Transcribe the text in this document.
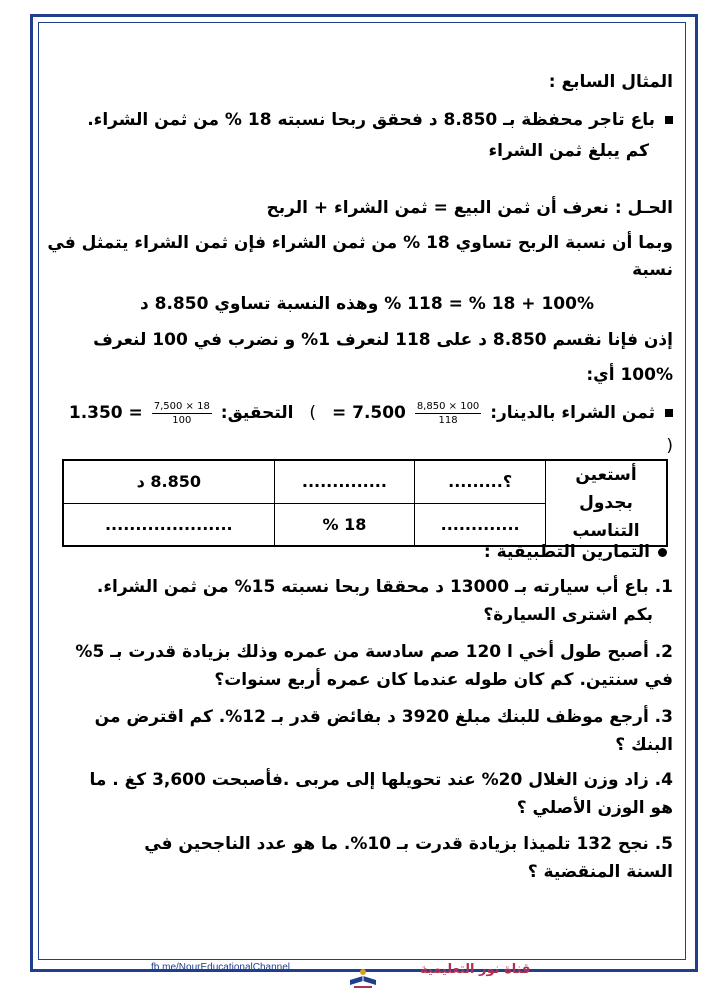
المثال السابع :
باع تاجر محفظة بـ 8.850 د فحقق ربحا نسبته 18 % من ثمن الشراء.
كم يبلغ ثمن الشراء
الحـل : نعرف أن ثمن البيع = ثمن الشراء + الربح
وبما أن نسبة الربح تساوي 18 % من ثمن الشراء فإن ثمن الشراء يتمثل في
نسبة
100% + 18 % = 118 % وهذه النسبة تساوي 8.850 د
إذن فإنا نقسم 8.850 د على 118 لنعرف 1% و نضرب في 100 لنعرف
100% أي:
ثمن الشراء بالدينار:
$\frac{100 \times 8,850}{118}$
= 7.500 ) التحقيق:
$\frac{18 \times 7,500}{100}$
1.350 =
(
أستعين بجدول
التناسب	؟.........	..............	8.850 د
	.............	18 %	.....................
التمارين التطبيقية :
1. باع أب سيارته بـ 13000 د محققا ربحا نسبته 15% من ثمن الشراء.
بكم اشترى السيارة؟
2. أصبح طول أخي ا 120 صم سادسة من عمره وذلك بزيادة قدرت بـ 5%
في سنتين. كم كان طوله عندما كان عمره أربع سنوات؟
3. أرجع موظف للبنك مبلغ 3920 د بفائض قدر بـ 12%. كم اقترض من
البنك ؟
4. زاد وزن الغلال 20% عند تحويلها إلى مربى .فأصبحت 3,600 كغ . ما
هو الوزن الأصلي ؟
5. نجح 132 تلميذا بزيادة قدرت بـ 10%. ما هو عدد الناجحين في
السنة المنقضية ؟
fb.me/NourEducationalChannel	قناة نور التعليمية
